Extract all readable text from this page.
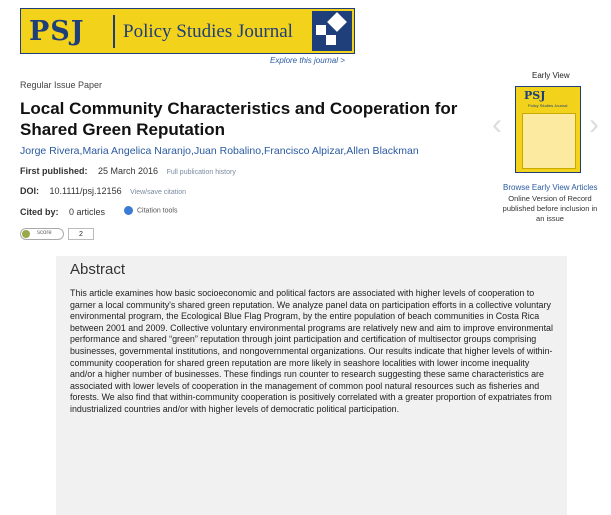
PSJ Policy Studies Journal
Explore this journal >
Regular Issue Paper
Local Community Characteristics and Cooperation for Shared Green Reputation
Jorge Rivera,Maria Angelica Naranjo,Juan Robalino,Francisco Alpizar,Allen Blackman
First published: 25 March 2016 Full publication history
DOI: 10.1111/psj.12156 View/save citation
Cited by: 0 articles	Citation tools
score	2
Early View
‹
PSJ
Policy Studies Journal
›
Browse Early View Articles
Online Version of Record published before inclusion in an issue
Abstract

This article examines how basic socioeconomic and political factors are associated with higher levels of cooperation to garner a local community's shared green reputation. We analyze panel data on participation efforts in a collective voluntary environmental program, the Ecological Blue Flag Program, by the entire population of beach communities in Costa Rica between 2001 and 2009. Collective voluntary environmental programs are relatively new and aim to improve environmental performance and shared “green” reputation through joint participation and certification of multisector groups comprising businesses, governmental institutions, and nongovernmental organizations. Our results indicate that higher levels of within-community cooperation for shared green reputation are more likely in seashore localities with lower income inequality and/or a higher number of businesses. These findings run counter to research suggesting these same characteristics are associated with lower levels of cooperation in the management of common pool natural resources such as fisheries and forests. We also find that within-community cooperation is positively correlated with a greater proportion of expatriates from industrialized countries and/or with higher levels of democratic political participation.
